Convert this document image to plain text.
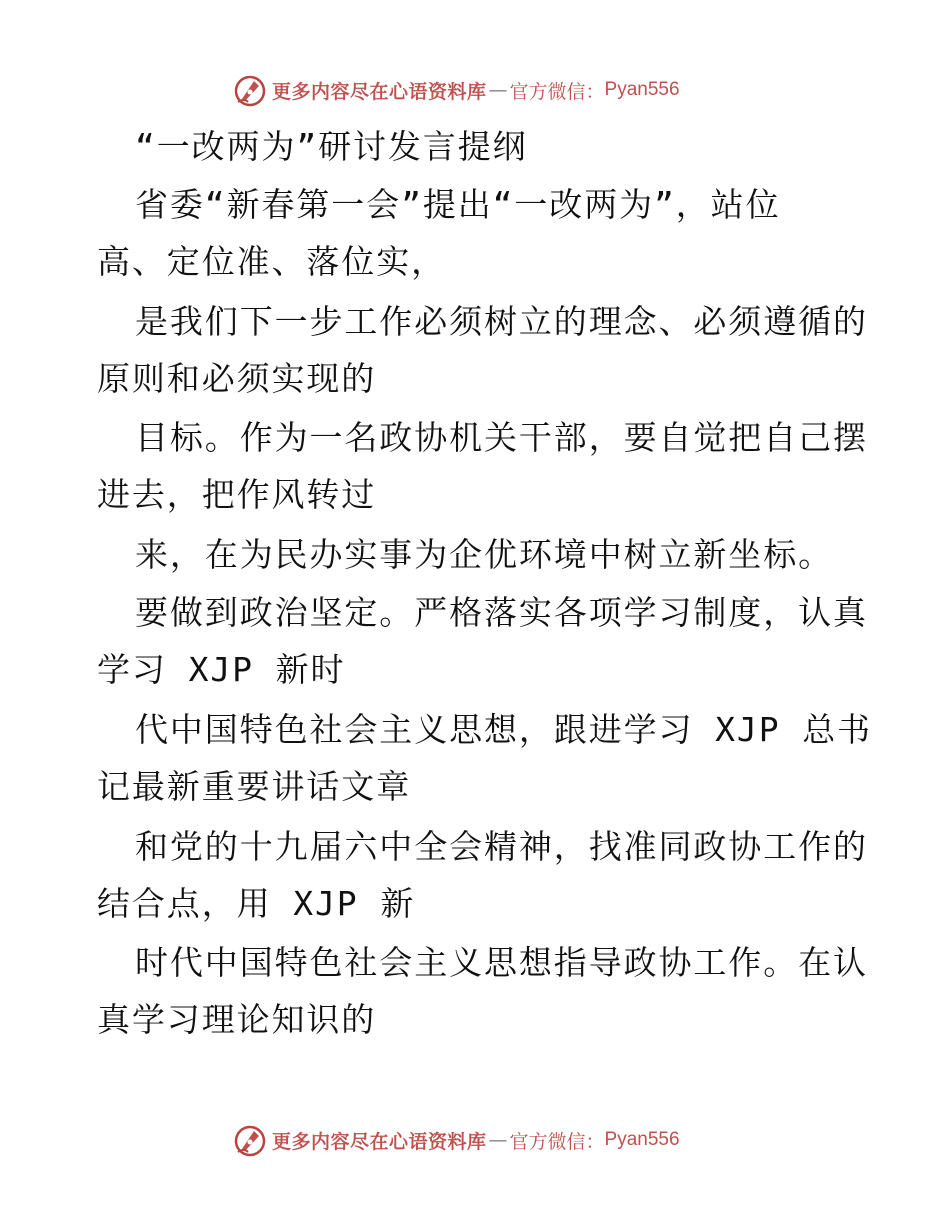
更多内容尽在心语资料库 — 官方微信： Pyan556
“一改两为”研讨发言提纲
省委“新春第一会”提出“一改两为”，站位
高、定位准、落位实，
是我们下一步工作必须树立的理念、必须遵循的
原则和必须实现的
目标。作为一名政协机关干部，要自觉把自己摆
进去，把作风转过
来，在为民办实事为企优环境中树立新坐标。
要做到政治坚定。严格落实各项学习制度，认真
学习 XJP 新时
代中国特色社会主义思想，跟进学习 XJP 总书
记最新重要讲话文章
和党的十九届六中全会精神，找准同政协工作的
结合点，用 XJP 新
时代中国特色社会主义思想指导政协工作。在认
真学习理论知识的
更多内容尽在心语资料库 — 官方微信： Pyan556
